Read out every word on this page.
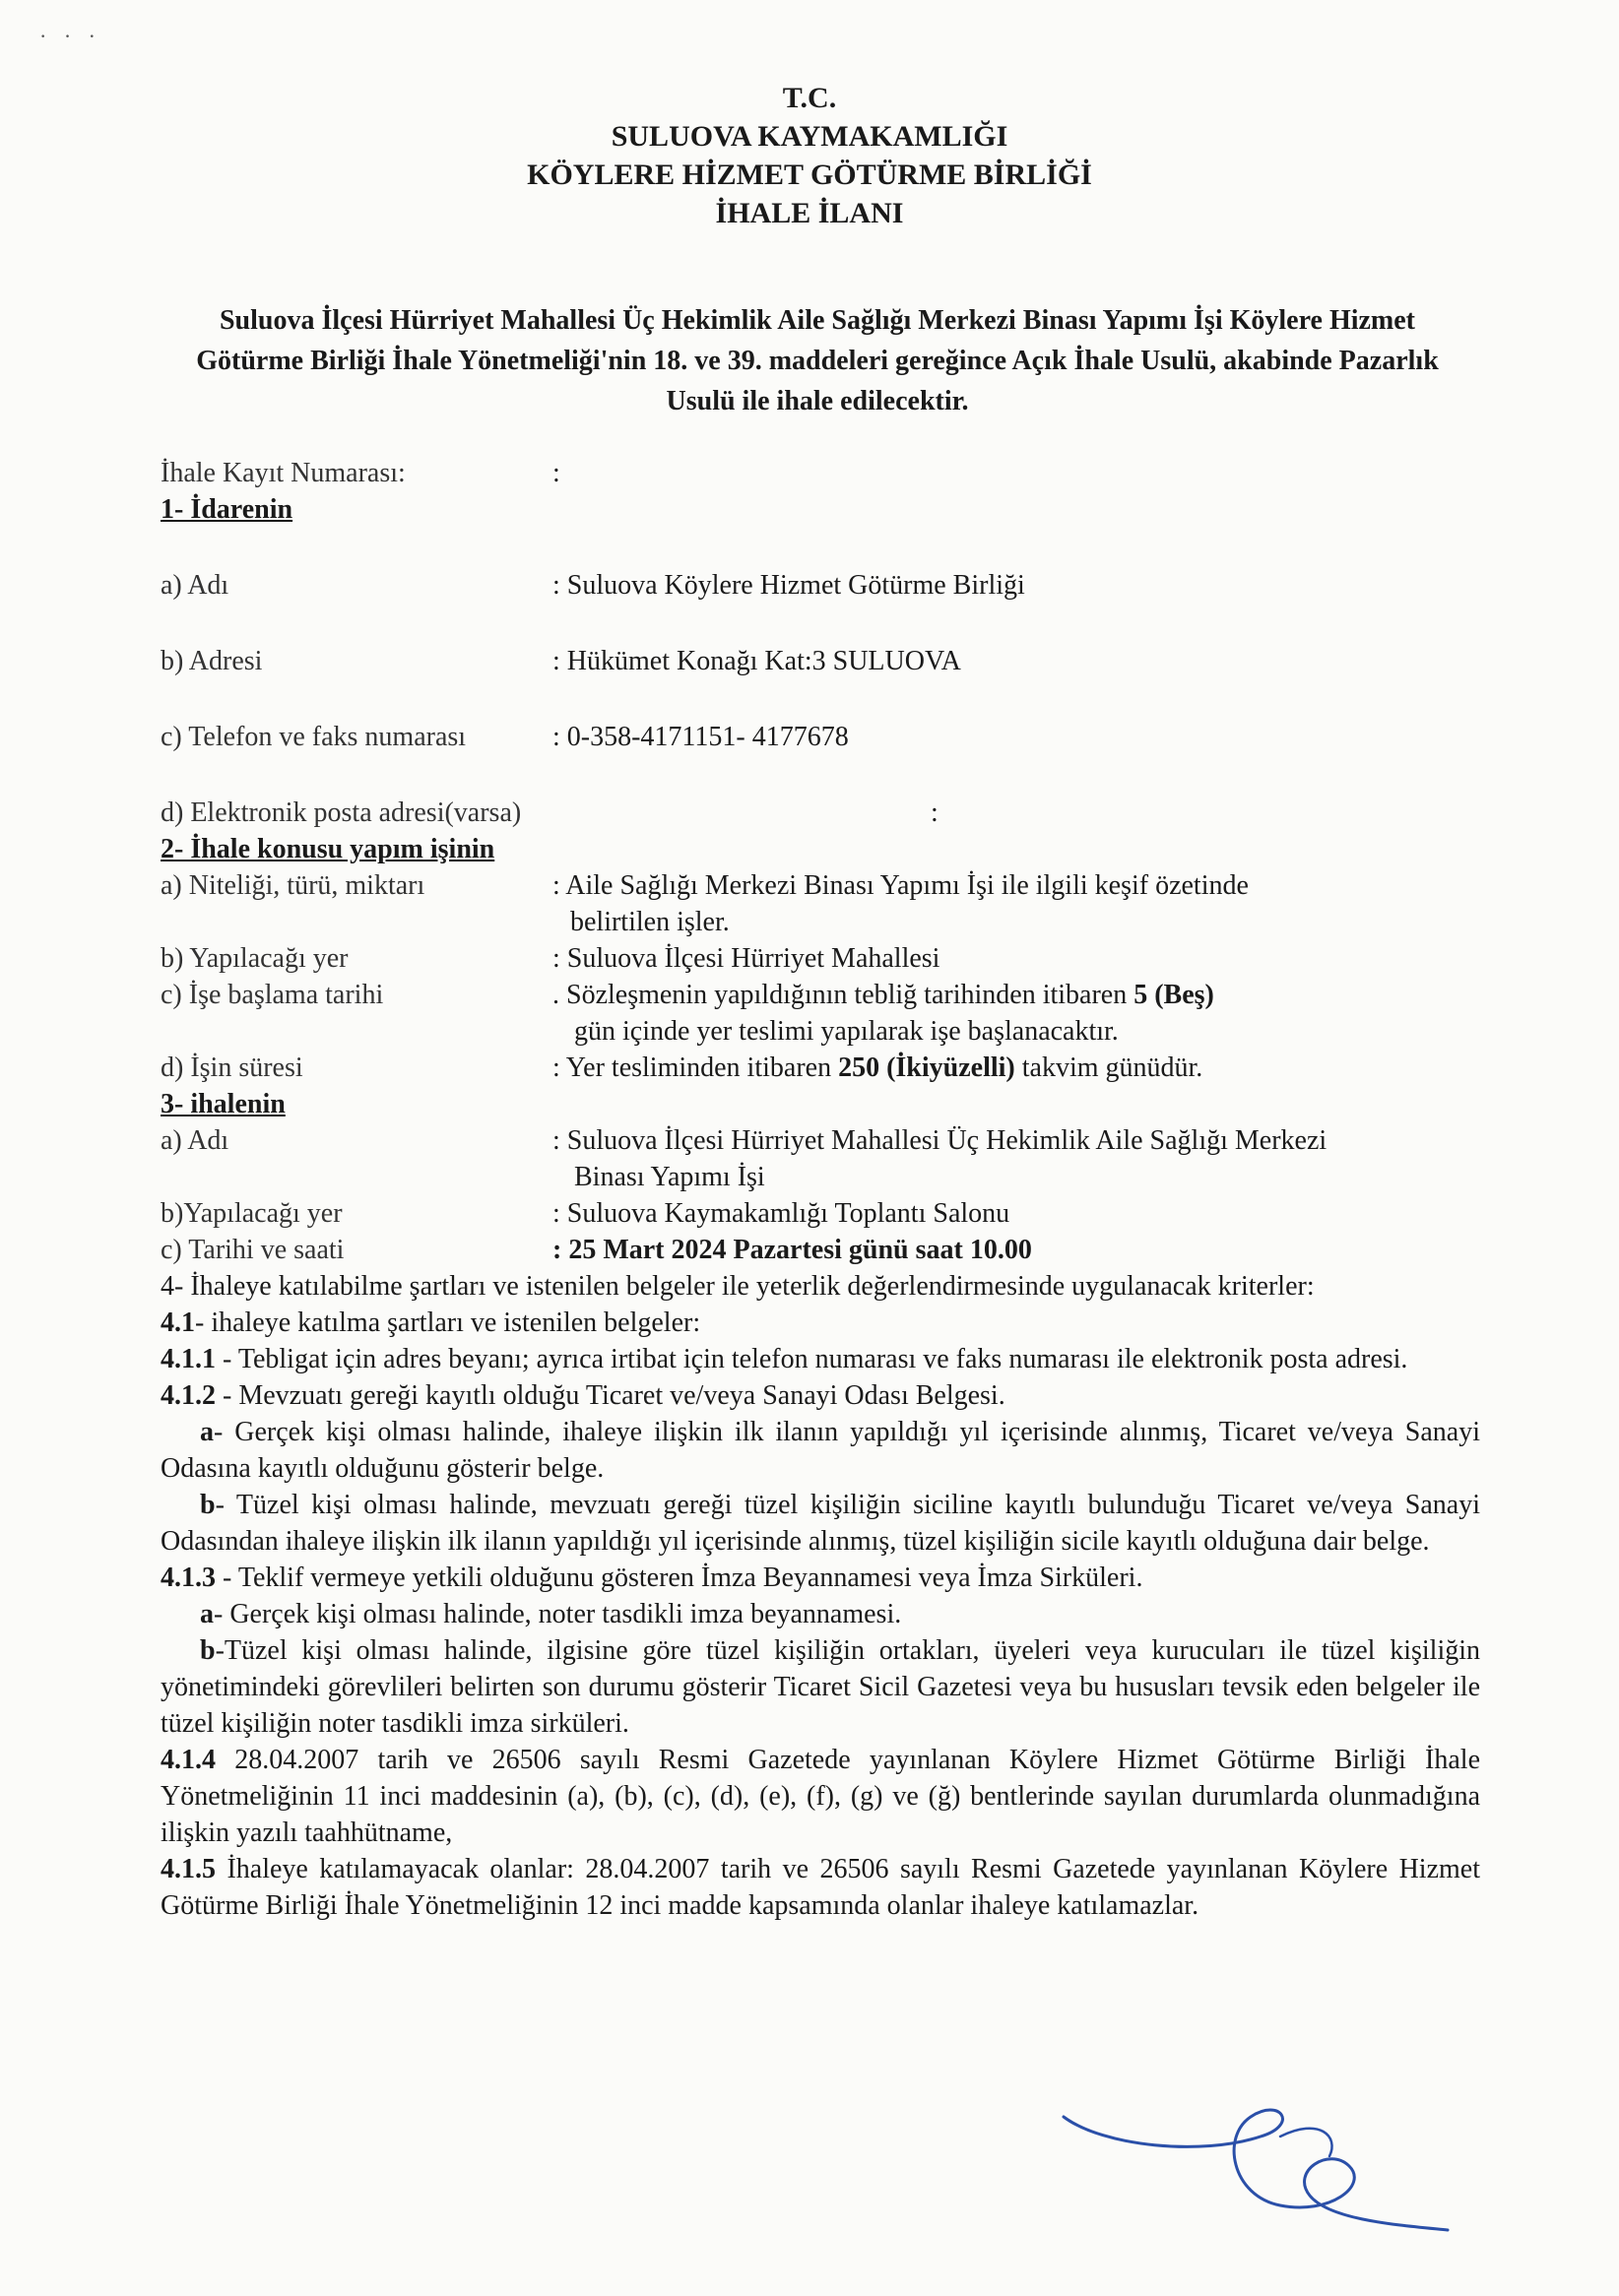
· · ·
T.C.
SULUOVA KAYMAKAMLIĞI
KÖYLERE HİZMET GÖTÜRME BİRLİĞİ
İHALE İLANI
Suluova İlçesi Hürriyet Mahallesi Üç Hekimlik Aile Sağlığı Merkezi Binası Yapımı İşi Köylere Hizmet Götürme Birliği İhale Yönetmeliği'nin 18. ve 39. maddeleri gereğince Açık İhale Usulü, akabinde Pazarlık Usulü ile ihale edilecektir.
İhale Kayıt Numarası:	:
1- İdarenin
a) Adı	: Suluova Köylere Hizmet Götürme Birliği
b) Adresi	: Hükümet Konağı Kat:3 SULUOVA
c) Telefon ve faks numarası	: 0-358-4171151- 4177678
d) Elektronik posta adresi(varsa)	:
2- İhale konusu yapım işinin
a) Niteliği, türü, miktarı	: Aile Sağlığı Merkezi Binası Yapımı İşi ile ilgili keşif özetinde
belirtilen işler.
b) Yapılacağı yer	: Suluova İlçesi Hürriyet Mahallesi
c) İşe başlama tarihi	. Sözleşmenin yapıldığının tebliğ tarihinden itibaren 5 (Beş)
gün içinde yer teslimi yapılarak işe başlanacaktır.
d) İşin süresi	: Yer tesliminden itibaren 250 (İkiyüzelli) takvim günüdür.
3- ihalenin
a) Adı	: Suluova İlçesi Hürriyet Mahallesi Üç Hekimlik Aile Sağlığı Merkezi
Binası Yapımı İşi
b)Yapılacağı yer	: Suluova Kaymakamlığı Toplantı Salonu
c) Tarihi ve saati	: 25 Mart 2024 Pazartesi günü saat 10.00
4- İhaleye katılabilme şartları ve istenilen belgeler ile yeterlik değerlendirmesinde uygulanacak kriterler:
4.1- ihaleye katılma şartları ve istenilen belgeler:
4.1.1 - Tebligat için adres beyanı; ayrıca irtibat için telefon numarası ve faks numarası ile elektronik posta adresi.
4.1.2 - Mevzuatı gereği kayıtlı olduğu Ticaret ve/veya Sanayi Odası Belgesi.
a- Gerçek kişi olması halinde, ihaleye ilişkin ilk ilanın yapıldığı yıl içerisinde alınmış, Ticaret ve/veya Sanayi Odasına kayıtlı olduğunu gösterir belge.
b- Tüzel kişi olması halinde, mevzuatı gereği tüzel kişiliğin siciline kayıtlı bulunduğu Ticaret ve/veya Sanayi Odasından ihaleye ilişkin ilk ilanın yapıldığı yıl içerisinde alınmış, tüzel kişiliğin sicile kayıtlı olduğuna dair belge.
4.1.3 - Teklif vermeye yetkili olduğunu gösteren İmza Beyannamesi veya İmza Sirküleri.
a- Gerçek kişi olması halinde, noter tasdikli imza beyannamesi.
b-Tüzel kişi olması halinde, ilgisine göre tüzel kişiliğin ortakları, üyeleri veya kurucuları ile tüzel kişiliğin yönetimindeki görevlileri belirten son durumu gösterir Ticaret Sicil Gazetesi veya bu hususları tevsik eden belgeler ile tüzel kişiliğin noter tasdikli imza sirküleri.
4.1.4 28.04.2007 tarih ve 26506 sayılı Resmi Gazetede yayınlanan Köylere Hizmet Götürme Birliği İhale Yönetmeliğinin 11 inci maddesinin (a), (b), (c), (d), (e), (f), (g) ve (ğ) bentlerinde sayılan durumlarda olunmadığına ilişkin yazılı taahhütname,
4.1.5 İhaleye katılamayacak olanlar: 28.04.2007 tarih ve 26506 sayılı Resmi Gazetede yayınlanan Köylere Hizmet Götürme Birliği İhale Yönetmeliğinin 12 inci madde kapsamında olanlar ihaleye katılamazlar.
